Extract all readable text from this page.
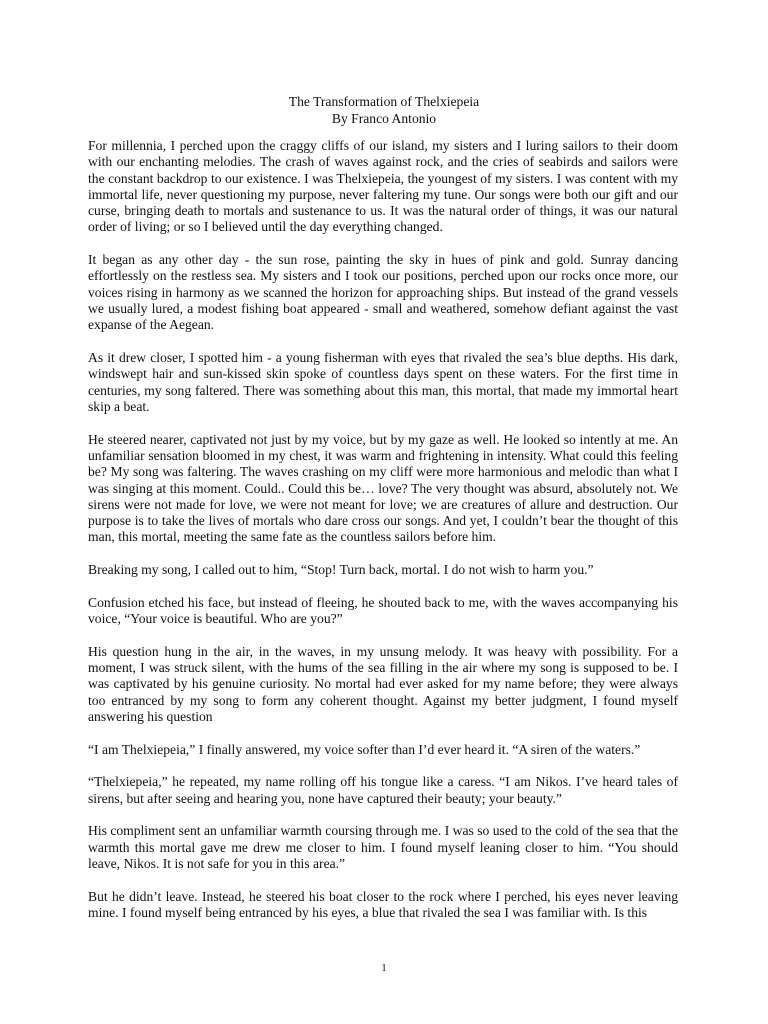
The Transformation of Thelxiepeia
By Franco Antonio

For millennia, I perched upon the craggy cliffs of our island, my sisters and I luring sailors to their doom with our enchanting melodies. The crash of waves against rock, and the cries of seabirds and sailors were the constant backdrop to our existence. I was Thelxiepeia, the youngest of my sisters. I was content with my immortal life, never questioning my purpose, never faltering my tune. Our songs were both our gift and our curse, bringing death to mortals and sustenance to us. It was the natural order of things, it was our natural order of living; or so I believed until the day everything changed.

It began as any other day - the sun rose, painting the sky in hues of pink and gold. Sunray dancing effortlessly on the restless sea. My sisters and I took our positions, perched upon our rocks once more, our voices rising in harmony as we scanned the horizon for approaching ships. But instead of the grand vessels we usually lured, a modest fishing boat appeared - small and weathered, somehow defiant against the vast expanse of the Aegean.

As it drew closer, I spotted him - a young fisherman with eyes that rivaled the sea’s blue depths. His dark, windswept hair and sun-kissed skin spoke of countless days spent on these waters. For the first time in centuries, my song faltered. There was something about this man, this mortal, that made my immortal heart skip a beat.

He steered nearer, captivated not just by my voice, but by my gaze as well. He looked so intently at me. An unfamiliar sensation bloomed in my chest, it was warm and frightening in intensity. What could this feeling be? My song was faltering. The waves crashing on my cliff were more harmonious and melodic than what I was singing at this moment. Could.. Could this be… love? The very thought was absurd, absolutely not. We sirens were not made for love, we were not meant for love; we are creatures of allure and destruction. Our purpose is to take the lives of mortals who dare cross our songs. And yet, I couldn’t bear the thought of this man, this mortal, meeting the same fate as the countless sailors before him.

Breaking my song, I called out to him, “Stop! Turn back, mortal. I do not wish to harm you.”

Confusion etched his face, but instead of fleeing, he shouted back to me, with the waves accompanying his voice, “Your voice is beautiful. Who are you?”

His question hung in the air, in the waves, in my unsung melody. It was heavy with possibility. For a moment, I was struck silent, with the hums of the sea filling in the air where my song is supposed to be. I was captivated by his genuine curiosity. No mortal had ever asked for my name before; they were always too entranced by my song to form any coherent thought. Against my better judgment, I found myself answering his question

“I am Thelxiepeia,” I finally answered, my voice softer than I’d ever heard it. “A siren of the waters.”

“Thelxiepeia,” he repeated, my name rolling off his tongue like a caress. “I am Nikos. I’ve heard tales of sirens, but after seeing and hearing you, none have captured their beauty; your beauty.”

His compliment sent an unfamiliar warmth coursing through me. I was so used to the cold of the sea that the warmth this mortal gave me drew me closer to him. I found myself leaning closer to him. “You should leave, Nikos. It is not safe for you in this area.”

But he didn’t leave. Instead, he steered his boat closer to the rock where I perched, his eyes never leaving mine. I found myself being entranced by his eyes, a blue that rivaled the sea I was familiar with. Is this

1
